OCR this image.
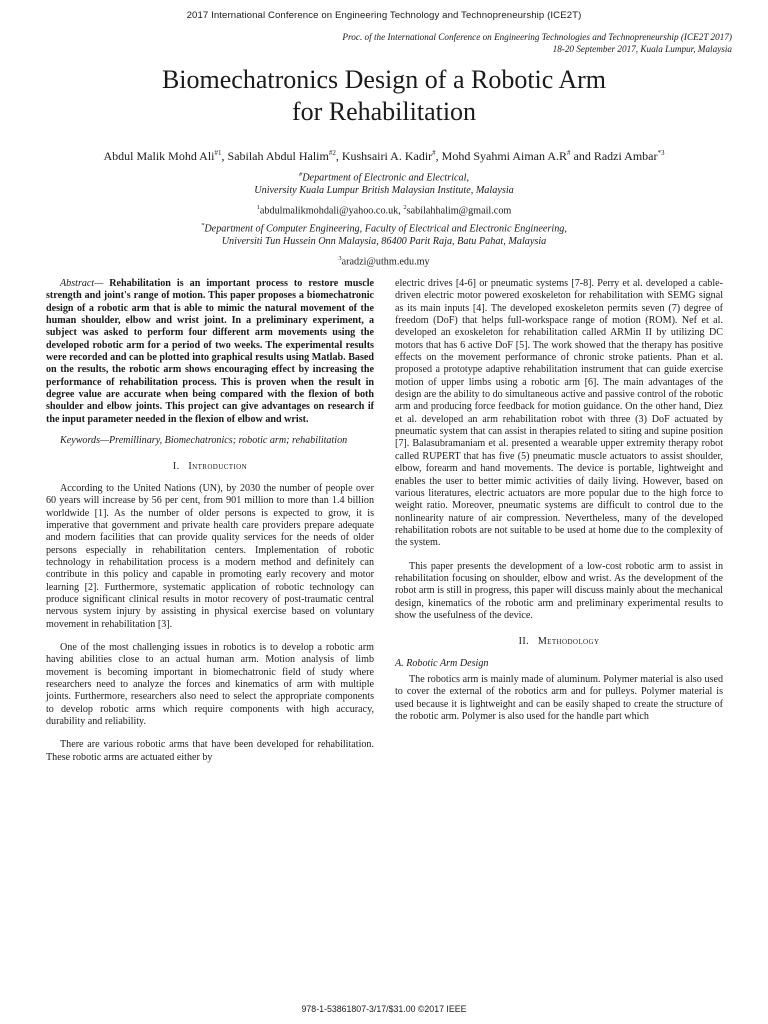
2017 International Conference on Engineering Technology and Technopreneurship (ICE2T)
Proc. of the International Conference on Engineering Technologies and Technopreneurship (ICE2T 2017)
18-20 September 2017, Kuala Lumpur, Malaysia
Biomechatronics Design of a Robotic Arm
for Rehabilitation
Abdul Malik Mohd Ali$^{\#1}$, Sabilah Abdul Halim$^{\#2}$, Kushsairi A. Kadir#, Mohd Syahmi Aiman A.R# and Radzi Ambar$^{*3}$
#Department of Electronic and Electrical,
University Kuala Lumpur British Malaysian Institute, Malaysia
$^1$abdulmalikmohdali@yahoo.co.uk, $^2$sabilahhalim@gmail.com
*Department of Computer Engineering, Faculty of Electrical and Electronic Engineering,
Universiti Tun Hussein Onn Malaysia, 86400 Parit Raja, Batu Pahat, Malaysia
$^3$aradzi@uthm.edu.my

Abstract— Rehabilitation is an important process to restore muscle strength and joint's range of motion. This paper proposes a biomechatronic design of a robotic arm that is able to mimic the natural movement of the human shoulder, elbow and wrist joint. In a preliminary experiment, a subject was asked to perform four different arm movements using the developed robotic arm for a period of two weeks. The experimental results were recorded and can be plotted into graphical results using Matlab. Based on the results, the robotic arm shows encouraging effect by increasing the performance of rehabilitation process. This is proven when the result in degree value are accurate when being compared with the flexion of both shoulder and elbow joints. This project can give advantages on research if the input parameter needed in the flexion of elbow and wrist.

Keywords—Premillinary, Biomechatronics; robotic arm; rehabilitation

I. Introduction

According to the United Nations (UN), by 2030 the number of people over 60 years will increase by 56 per cent, from 901 million to more than 1.4 billion worldwide [1]. As the number of older persons is expected to grow, it is imperative that government and private health care providers prepare adequate and modern facilities that can provide quality services for the needs of older persons especially in rehabilitation centers. Implementation of robotic technology in rehabilitation process is a modern method and definitely can contribute in this policy and capable in promoting early recovery and motor learning [2]. Furthermore, systematic application of robotic technology can produce significant clinical results in motor recovery of post-traumatic central nervous system injury by assisting in physical exercise based on voluntary movement in rehabilitation [3].

One of the most challenging issues in robotics is to develop a robotic arm having abilities close to an actual human arm. Motion analysis of limb movement is becoming important in biomechatronic field of study where researchers need to analyze the forces and kinematics of arm with multiple joints. Furthermore, researchers also need to select the appropriate components to develop robotic arms which require components with high accuracy, durability and reliability.

There are various robotic arms that have been developed for rehabilitation. These robotic arms are actuated either by

electric drives [4-6] or pneumatic systems [7-8]. Perry et al. developed a cable-driven electric motor powered exoskeleton for rehabilitation with SEMG signal as its main inputs [4]. The developed exoskeleton permits seven (7) degree of freedom (DoF) that helps full-workspace range of motion (ROM). Nef et al. developed an exoskeleton for rehabilitation called ARMin II by utilizing DC motors that has 6 active DoF [5]. The work showed that the therapy has positive effects on the movement performance of chronic stroke patients. Phan et al. proposed a prototype adaptive rehabilitation instrument that can guide exercise motion of upper limbs using a robotic arm [6]. The main advantages of the design are the ability to do simultaneous active and passive control of the robotic arm and producing force feedback for motion guidance. On the other hand, Diez et al. developed an arm rehabilitation robot with three (3) DoF actuated by pneumatic system that can assist in therapies related to siting and supine position [7]. Balasubramaniam et al. presented a wearable upper extremity therapy robot called RUPERT that has five (5) pneumatic muscle actuators to assist shoulder, elbow, forearm and hand movements. The device is portable, lightweight and enables the user to better mimic activities of daily living. However, based on various literatures, electric actuators are more popular due to the high force to weight ratio. Moreover, pneumatic systems are difficult to control due to the nonlinearity nature of air compression. Nevertheless, many of the developed rehabilitation robots are not suitable to be used at home due to the complexity of the system.

This paper presents the development of a low-cost robotic arm to assist in rehabilitation focusing on shoulder, elbow and wrist. As the development of the robot arm is still in progress, this paper will discuss mainly about the mechanical design, kinematics of the robotic arm and preliminary experimental results to show the usefulness of the device.

II. Methodology

A. Robotic Arm Design

The robotics arm is mainly made of aluminum. Polymer material is also used to cover the external of the robotics arm and for pulleys. Polymer material is used because it is lightweight and can be easily shaped to create the structure of the robotic arm. Polymer is also used for the handle part which

978-1-53861807-3/17/$31.00 ©2017 IEEE
